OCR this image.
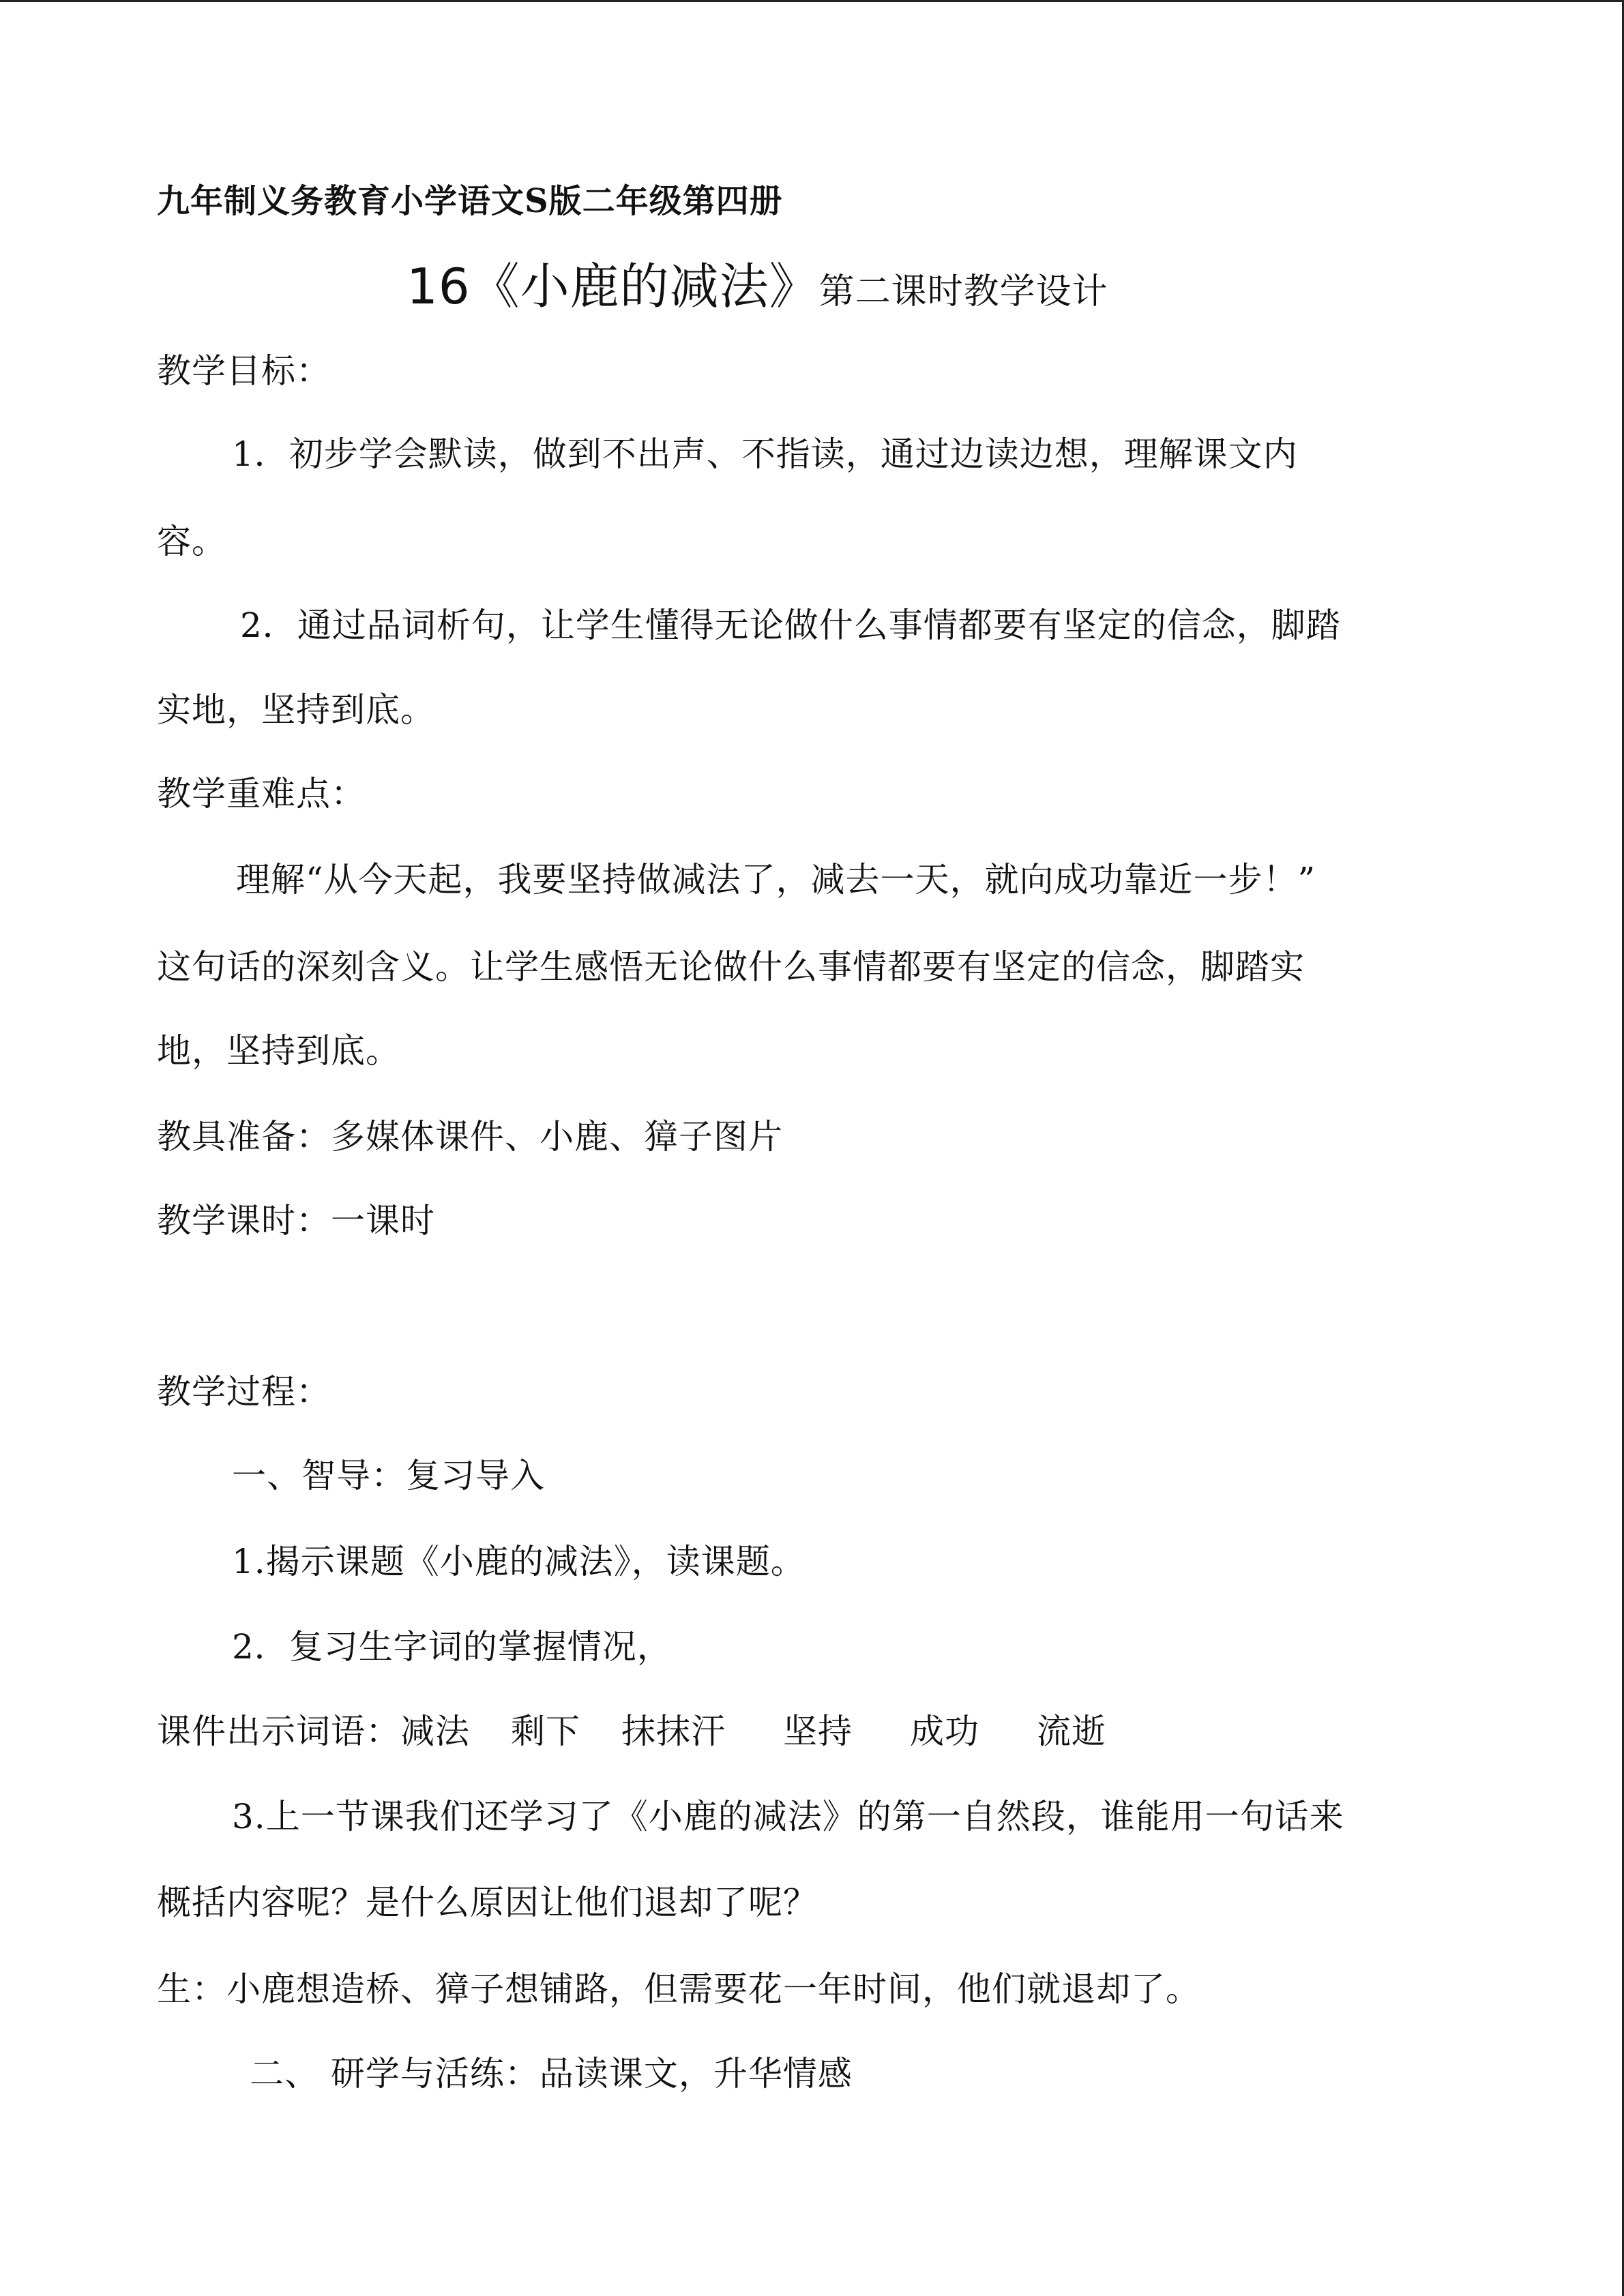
九年制义务教育小学语文S版二年级第四册
16《小鹿的减法》第二课时教学设计
教学目标：
1．初步学会默读，做到不出声、不指读，通过边读边想，理解课文内
容。
2．通过品词析句，让学生懂得无论做什么事情都要有坚定的信念，脚踏
实地，坚持到底。
教学重难点：
理解“从今天起，我要坚持做减法了，减去一天，就向成功靠近一步！”
这句话的深刻含义。让学生感悟无论做什么事情都要有坚定的信念，脚踏实
地，坚持到底。
教具准备：多媒体课件、小鹿、獐子图片
教学课时：一课时
教学过程：
一、智导：复习导入
1.揭示课题《小鹿的减法》，读课题。
2．复习生字词的掌握情况，
课件出示词语：减法 剩下 抹抹汗 坚持 成功 流逝
3.上一节课我们还学习了《小鹿的减法》的第一自然段，谁能用一句话来
概括内容呢？是什么原因让他们退却了呢？
生：小鹿想造桥、獐子想铺路，但需要花一年时间，他们就退却了。
二、 研学与活练：品读课文，升华情感
